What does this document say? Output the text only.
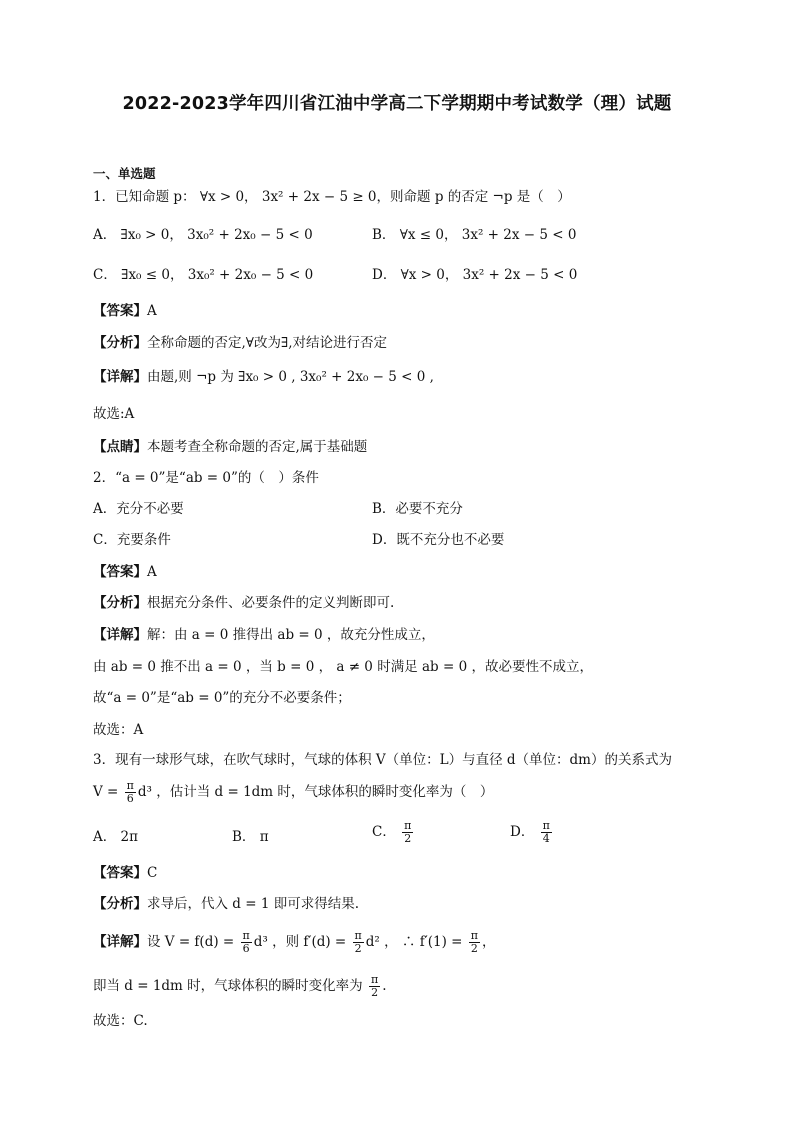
2022-2023学年四川省江油中学高二下学期期中考试数学（理）试题
一、单选题
1．已知命题 p： ∀x > 0， 3x² + 2x − 5 ≥ 0，则命题 p 的否定 ¬p 是（　）
A． ∃x₀ > 0， 3x₀² + 2x₀ − 5 < 0	B． ∀x ≤ 0， 3x² + 2x − 5 < 0
C． ∃x₀ ≤ 0， 3x₀² + 2x₀ − 5 < 0	D． ∀x > 0， 3x² + 2x − 5 < 0
【答案】A
【分析】全称命题的否定,∀改为∃,对结论进行否定
【详解】由题,则 ¬p 为 ∃x₀ > 0 , 3x₀² + 2x₀ − 5 < 0 ,
故选:A
【点睛】本题考查全称命题的否定,属于基础题
2．“a = 0”是“ab = 0”的（　）条件
A．充分不必要	B．必要不充分
C．充要条件	D．既不充分也不必要
【答案】A
【分析】根据充分条件、必要条件的定义判断即可.
【详解】解：由 a = 0 推得出 ab = 0 ，故充分性成立，
由 ab = 0 推不出 a = 0 ，当 b = 0 ， a ≠ 0 时满足 ab = 0 ，故必要性不成立，
故“a = 0”是“ab = 0”的充分不必要条件；
故选：A
3．现有一球形气球，在吹气球时，气球的体积 V（单位：L）与直径 d（单位：dm）的关系式为
$V = \frac{\pi}{6} d^3$ ，估计当 d = 1dm 时，气球体积的瞬时变化率为（　）
A． 2π	B． π	C． $\frac{\pi}{2}$	D． $\frac{\pi}{4}$
【答案】C
【分析】求导后，代入 d = 1 即可求得结果.
【详解】设 $V = f(d) = \frac{\pi}{6} d^3$ ，则 $f'(d) = \frac{\pi}{2} d^2$ ， ∴ $f'(1) = \frac{\pi}{2}$ ，
即当 d = 1dm 时，气球体积的瞬时变化率为 $\frac{\pi}{2}$ .
故选：C.
